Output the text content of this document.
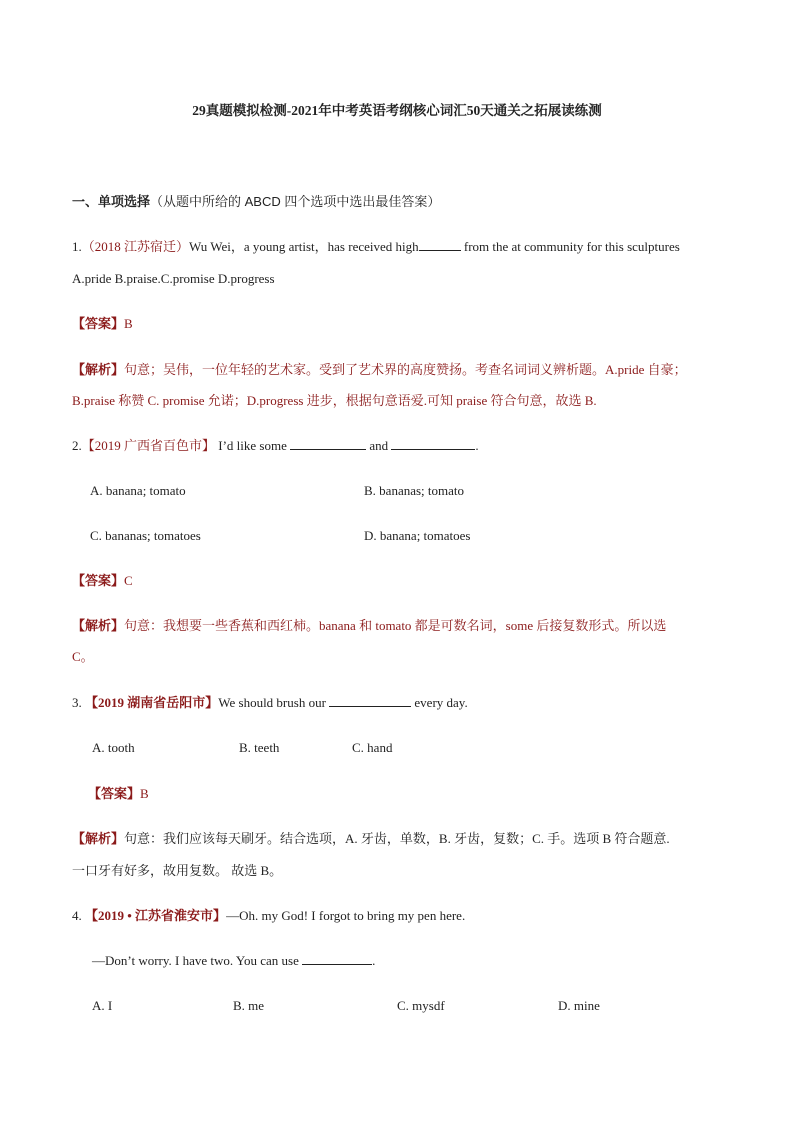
29真题模拟检测-2021年中考英语考纲核心词汇50天通关之拓展读练测
一、单项选择（从题中所给的 ABCD 四个选项中选出最佳答案）
1.（2018 江苏宿迁）Wu Wei，a young artist，has received high	from the at community for this sculptures
A.pride B.praise.C.promise D.progress
【答案】B
【解析】句意；吴伟，一位年轻的艺术家。受到了艺术界的高度赞扬。考查名词词义辨析题。A.pride 自豪；
B.praise 称赞 C. promise 允诺；D.progress 进步，根据句意语爱.可知 praise 符合句意，故选 B.
2.【2019 广西省百色市】 I’d like some	and	.
A. banana; tomato	B. bananas; tomato
C. bananas; tomatoes	D. banana; tomatoes
【答案】C
【解析】句意：我想要一些香蕉和西红柿。banana 和 tomato 都是可数名词，some 后接复数形式。所以选
C。
3. 【2019 湖南省岳阳市】We should brush our	every day.
A. tooth	B. teeth	C. hand
【答案】B
【解析】句意：我们应该每天刷牙。结合选项，A. 牙齿，单数，B. 牙齿，复数；C. 手。选项 B 符合题意.
一口牙有好多，故用复数。 故选 B。
4. 【2019 • 江苏省淮安市】—Oh. my God! I forgot to bring my pen here.
—Don’t worry. I have two. You can use	.
A. I	B. me	C. mysdf	D. mine
